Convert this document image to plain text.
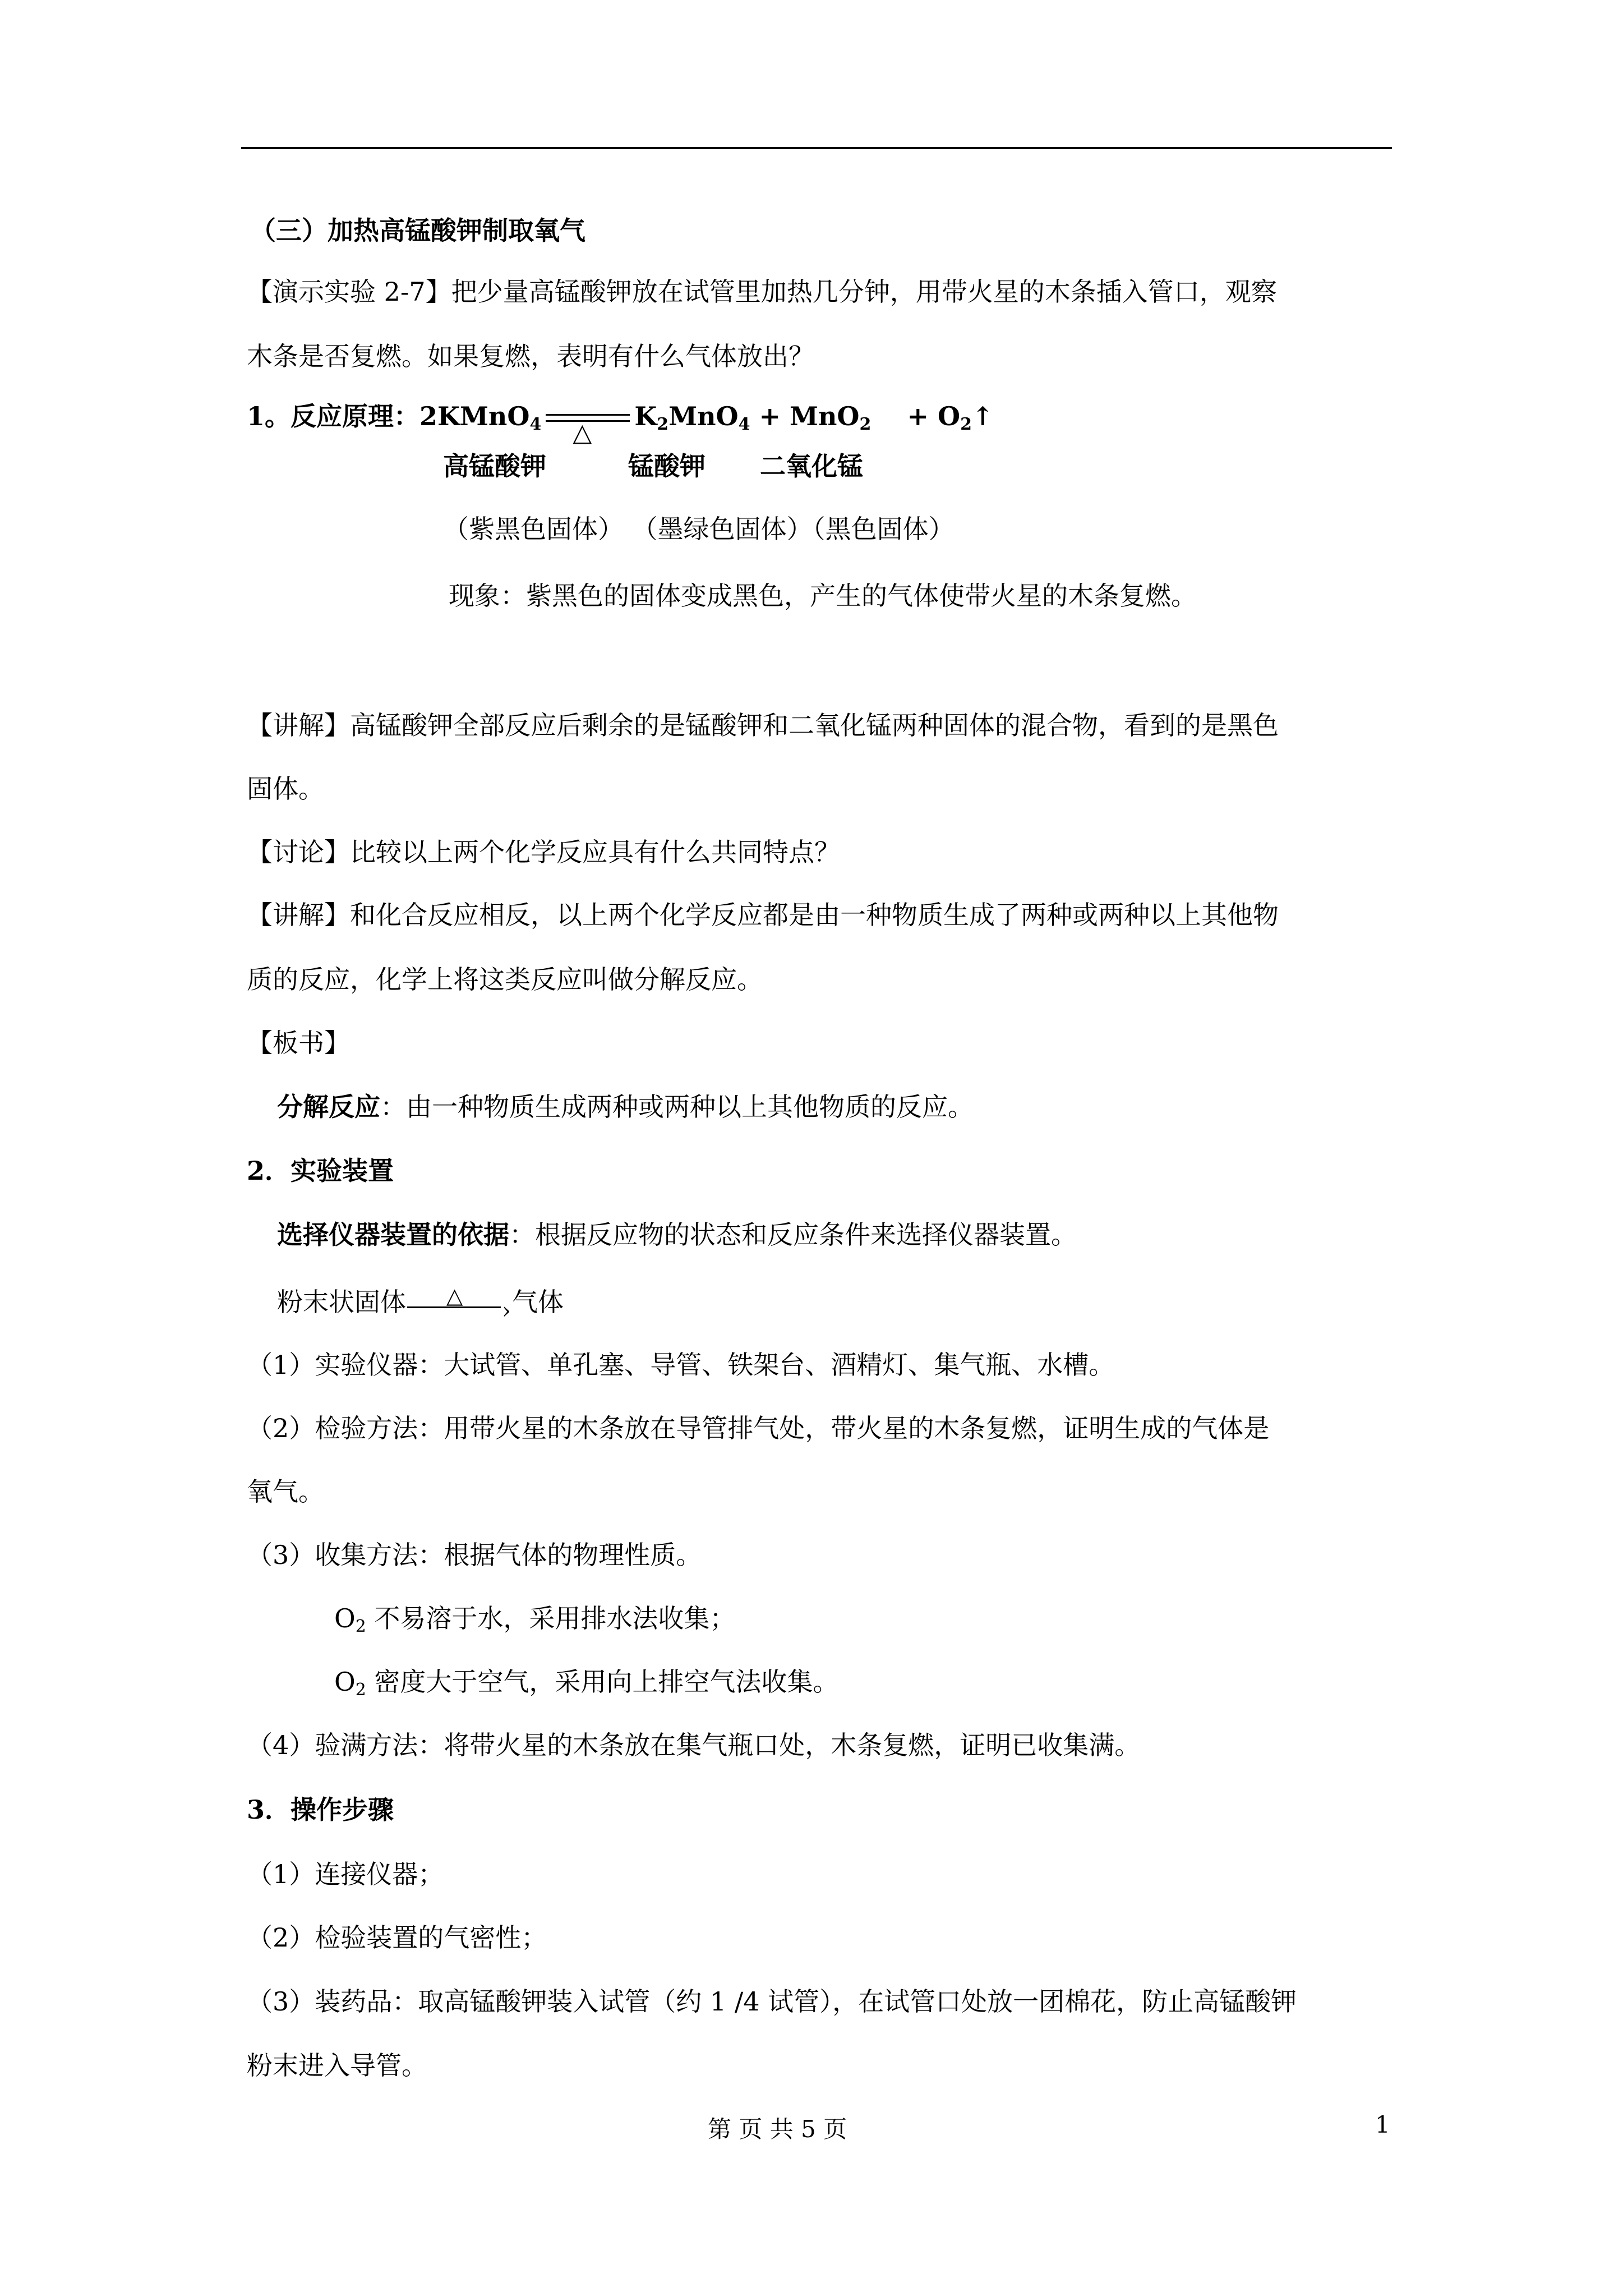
（三）加热高锰酸钾制取氧气
【演示实验 2-7】把少量高锰酸钾放在试管里加热几分钟，用带火星的木条插入管口，观察
木条是否复燃。如果复燃，表明有什么气体放出？
1。反应原理：2KMnO$_4$ △
$K_2MnO_4 + MnO_2$ + $O_2↑$
高锰酸钾	锰酸钾 二氧化锰
（紫黑色固体） （墨绿色固体）（黑色固体）
现象：紫黑色的固体变成黑色，产生的气体使带火星的木条复燃。
【讲解】高锰酸钾全部反应后剩余的是锰酸钾和二氧化锰两种固体的混合物，看到的是黑色
固体。
【讨论】比较以上两个化学反应具有什么共同特点？
【讲解】和化合反应相反，以上两个化学反应都是由一种物质生成了两种或两种以上其他物
质的反应，化学上将这类反应叫做分解反应。
【板书】
分解反应：由一种物质生成两种或两种以上其他物质的反应。
2．实验装置
选择仪器装置的依据：根据反应物的状态和反应条件来选择仪器装置。
粉末状固体 △
› 气体
（1）实验仪器：大试管、单孔塞、导管、铁架台、酒精灯、集气瓶、水槽。
（2）检验方法：用带火星的木条放在导管排气处，带火星的木条复燃，证明生成的气体是
氧气。
（3）收集方法：根据气体的物理性质。
$O_2$ 不易溶于水，采用排水法收集；
$O_2$ 密度大于空气，采用向上排空气法收集。
（4）验满方法：将带火星的木条放在集气瓶口处，木条复燃，证明已收集满。
3．操作步骤
（1）连接仪器；
（2）检验装置的气密性；
（3）装药品：取高锰酸钾装入试管（约 1 /4 试管），在试管口处放一团棉花，防止高锰酸钾
粉末进入导管。
第 页 共 5 页	1
